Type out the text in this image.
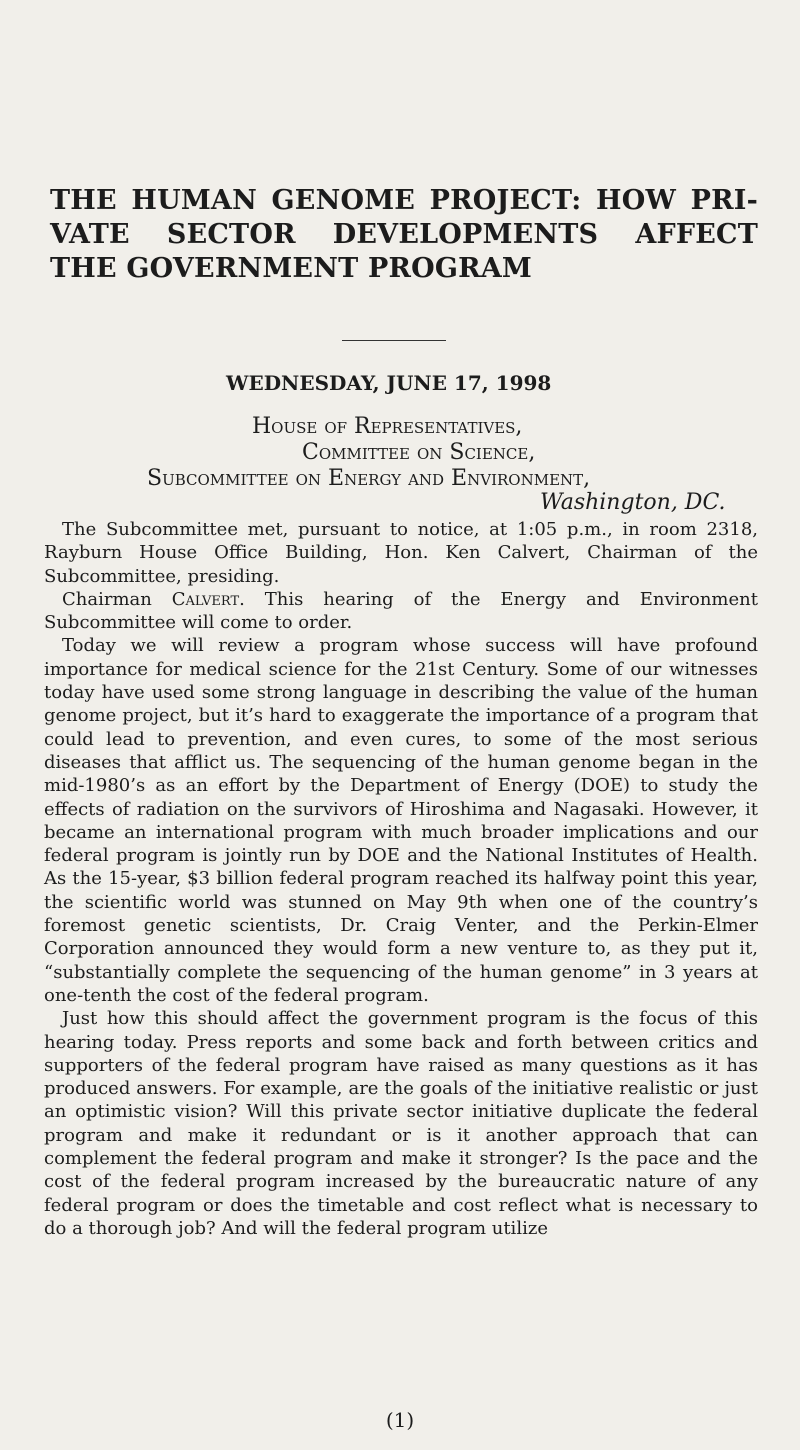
THE HUMAN GENOME PROJECT: HOW PRI-
VATE SECTOR DEVELOPMENTS AFFECT
THE GOVERNMENT PROGRAM

WEDNESDAY, JUNE 17, 1998

House of Representatives,

Committee on Science,

Subcommittee on Energy and Environment,

Washington, DC.

The Subcommittee met, pursuant to notice, at 1:05 p.m., in room 2318, Rayburn House Office Building, Hon. Ken Calvert, Chairman of the Subcommittee, presiding.

Chairman Calvert. This hearing of the Energy and Environment Subcommittee will come to order.

Today we will review a program whose success will have profound importance for medical science for the 21st Century. Some of our witnesses today have used some strong language in describing the value of the human genome project, but it’s hard to exaggerate the importance of a program that could lead to prevention, and even cures, to some of the most serious diseases that afflict us. The sequencing of the human genome began in the mid-1980’s as an effort by the Department of Energy (DOE) to study the effects of radiation on the survivors of Hiroshima and Nagasaki. However, it became an international program with much broader implications and our federal program is jointly run by DOE and the National Institutes of Health. As the 15-year, $3 billion federal program reached its halfway point this year, the scientific world was stunned on May 9th when one of the country’s foremost genetic scientists, Dr. Craig Venter, and the Perkin-Elmer Corporation announced they would form a new venture to, as they put it, “substantially complete the sequencing of the human genome” in 3 years at one-tenth the cost of the federal program.

Just how this should affect the government program is the focus of this hearing today. Press reports and some back and forth between critics and supporters of the federal program have raised as many questions as it has produced answers. For example, are the goals of the initiative realistic or just an optimistic vision? Will this private sector initiative duplicate the federal program and make it redundant or is it another approach that can complement the federal program and make it stronger? Is the pace and the cost of the federal program increased by the bureaucratic nature of any federal program or does the timetable and cost reflect what is necessary to do a thorough job? And will the federal program utilize

(1)
